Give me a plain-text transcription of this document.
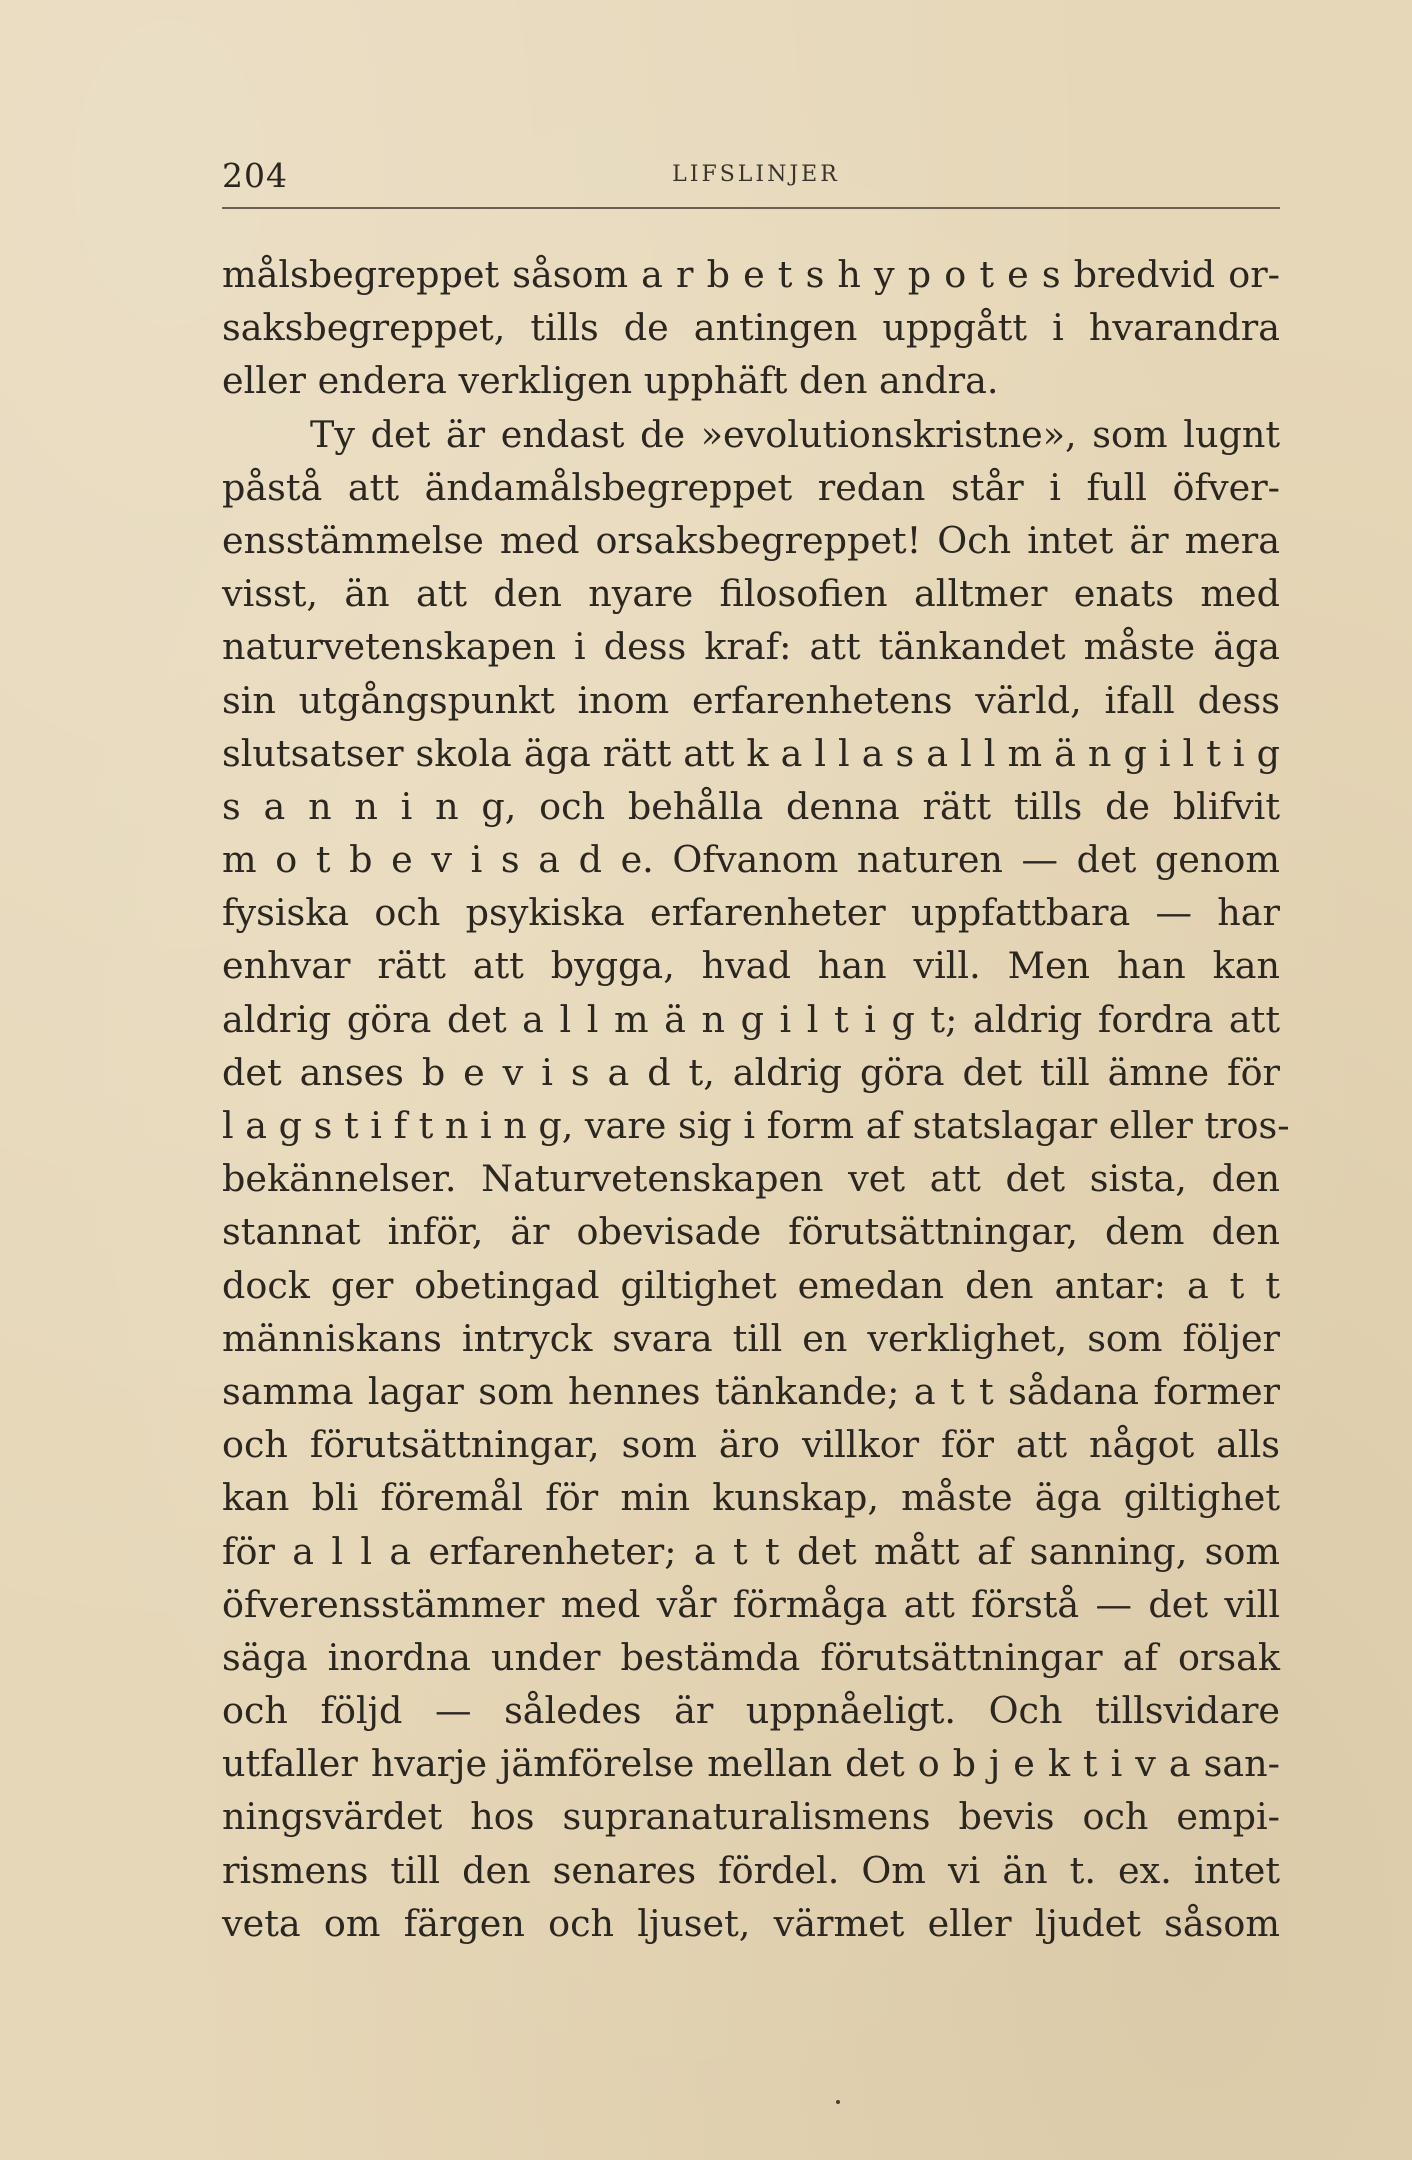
204	LIFSLINJER
målsbegreppet såsom a r b e t s h y p o t e s bredvid or-
saksbegreppet, tills de antingen uppgått i hvarandra
eller endera verkligen upphäft den andra.
Ty det är endast de »evolutionskristne», som lugnt
påstå att ändamålsbegreppet redan står i full öfver-
ensstämmelse med orsaksbegreppet! Och intet är mera
visst, än att den nyare filosofien alltmer enats med
naturvetenskapen i dess kraf: att tänkandet måste äga
sin utgångspunkt inom erfarenhetens värld, ifall dess
slutsatser skola äga rätt att k a l l a s a l l m ä n g i l t i g
s a n n i n g, och behålla denna rätt tills de blifvit
m o t b e v i s a d e. Ofvanom naturen — det genom
fysiska och psykiska erfarenheter uppfattbara — har
enhvar rätt att bygga, hvad han vill. Men han kan
aldrig göra det a l l m ä n g i l t i g t; aldrig fordra att
det anses b e v i s a d t, aldrig göra det till ämne för
l a g s t i f t n i n g, vare sig i form af statslagar eller tros-
bekännelser. Naturvetenskapen vet att det sista, den
stannat inför, är obevisade förutsättningar, dem den
dock ger obetingad giltighet emedan den antar: a t t
människans intryck svara till en verklighet, som följer
samma lagar som hennes tänkande; a t t sådana former
och förutsättningar, som äro villkor för att något alls
kan bli föremål för min kunskap, måste äga giltighet
för a l l a erfarenheter; a t t det mått af sanning, som
öfverensstämmer med vår förmåga att förstå — det vill
säga inordna under bestämda förutsättningar af orsak
och följd — således är uppnåeligt. Och tillsvidare
utfaller hvarje jämförelse mellan det o b j e k t i v a san-
ningsvärdet hos supranaturalismens bevis och empi-
rismens till den senares fördel. Om vi än t. ex. intet
veta om färgen och ljuset, värmet eller ljudet såsom
